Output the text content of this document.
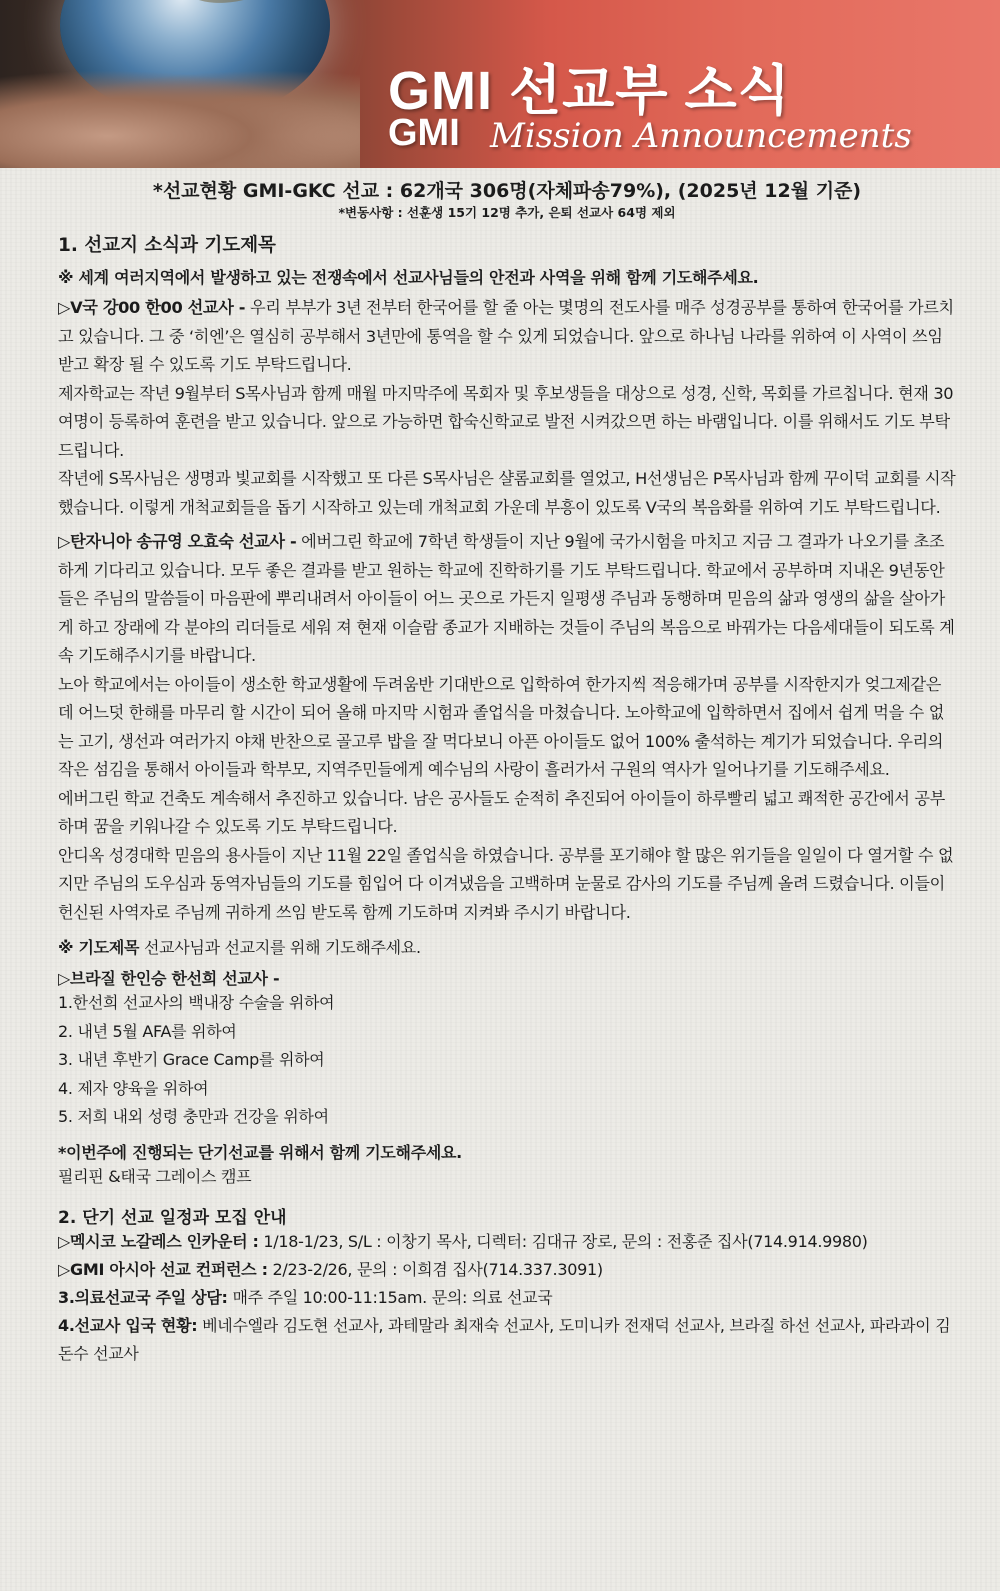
GMI 선교부 소식
GMI Mission Announcements
*선교현황 GMI-GKC 선교 : 62개국 306명(자체파송79%), (2025년 12월 기준)
*변동사항 : 선훈생 15기 12명 추가, 은퇴 선교사 64명 제외
1. 선교지 소식과 기도제목
※ 세계 여러지역에서 발생하고 있는 전쟁속에서 선교사님들의 안전과 사역을 위해 함께 기도해주세요.

▷V국 강00 한00 선교사 - 우리 부부가 3년 전부터 한국어를 할 줄 아는 몇명의 전도사를 매주 성경공부를 통하여 한국어를 가르치고 있습니다. 그 중 ‘히엔’은 열심히 공부해서 3년만에 통역을 할 수 있게 되었습니다. 앞으로 하나님 나라를 위하여 이 사역이 쓰임받고 확장 될 수 있도록 기도 부탁드립니다.

제자학교는 작년 9월부터 S목사님과 함께 매월 마지막주에 목회자 및 후보생들을 대상으로 성경, 신학, 목회를 가르칩니다. 현재 30여명이 등록하여 훈련을 받고 있습니다. 앞으로 가능하면 합숙신학교로 발전 시켜갔으면 하는 바램입니다. 이를 위해서도 기도 부탁드립니다.

작년에 S목사님은 생명과 빛교회를 시작했고 또 다른 S목사님은 샬롬교회를 열었고, H선생님은 P목사님과 함께 꾸이덕 교회를 시작했습니다. 이렇게 개척교회들을 돕기 시작하고 있는데 개척교회 가운데 부흥이 있도록 V국의 복음화를 위하여 기도 부탁드립니다.

▷탄자니아 송규영 오효숙 선교사 - 에버그린 학교에 7학년 학생들이 지난 9월에 국가시험을 마치고 지금 그 결과가 나오기를 초조하게 기다리고 있습니다. 모두 좋은 결과를 받고 원하는 학교에 진학하기를 기도 부탁드립니다. 학교에서 공부하며 지내온 9년동안 들은 주님의 말씀들이 마음판에 뿌리내려서 아이들이 어느 곳으로 가든지 일평생 주님과 동행하며 믿음의 삶과 영생의 삶을 살아가게 하고 장래에 각 분야의 리더들로 세워 져 현재 이슬람 종교가 지배하는 것들이 주님의 복음으로 바꿔가는 다음세대들이 되도록 계속 기도해주시기를 바랍니다.

노아 학교에서는 아이들이 생소한 학교생활에 두려움반 기대반으로 입학하여 한가지씩 적응해가며 공부를 시작한지가 엊그제같은데 어느덧 한해를 마무리 할 시간이 되어 올해 마지막 시험과 졸업식을 마쳤습니다. 노아학교에 입학하면서 집에서 쉽게 먹을 수 없는 고기, 생선과 여러가지 야채 반찬으로 골고루 밥을 잘 먹다보니 아픈 아이들도 없어 100% 출석하는 계기가 되었습니다. 우리의 작은 섬김을 통해서 아이들과 학부모, 지역주민들에게 예수님의 사랑이 흘러가서 구원의 역사가 일어나기를 기도해주세요.

에버그린 학교 건축도 계속해서 추진하고 있습니다. 남은 공사들도 순적히 추진되어 아이들이 하루빨리 넓고 쾌적한 공간에서 공부하며 꿈을 키워나갈 수 있도록 기도 부탁드립니다.

안디옥 성경대학 믿음의 용사들이 지난 11월 22일 졸업식을 하였습니다. 공부를 포기해야 할 많은 위기들을 일일이 다 열거할 수 없지만 주님의 도우심과 동역자님들의 기도를 힘입어 다 이겨냈음을 고백하며 눈물로 감사의 기도를 주님께 올려 드렸습니다. 이들이 헌신된 사역자로 주님께 귀하게 쓰임 받도록 함께 기도하며 지켜봐 주시기 바랍니다.

※ 기도제목 선교사님과 선교지를 위해 기도해주세요.
▷브라질 한인승 한선희 선교사 -

1.한선희 선교사의 백내장 수술을 위하여

2. 내년 5월 AFA를 위하여

3. 내년 후반기 Grace Camp를 위하여

4. 제자 양육을 위하여

5. 저희 내외 성령 충만과 건강을 위하여

*이번주에 진행되는 단기선교를 위해서 함께 기도해주세요.

필리핀 &태국 그레이스 캠프

2. 단기 선교 일정과 모집 안내

▷멕시코 노갈레스 인카운터 : 1/18-1/23, S/L : 이창기 목사, 디렉터: 김대규 장로, 문의 : 전홍준 집사(714.914.9980)

▷GMI 아시아 선교 컨퍼런스 : 2/23-2/26, 문의 : 이희겸 집사(714.337.3091)

3.의료선교국 주일 상담: 매주 주일 10:00-11:15am. 문의: 의료 선교국

4.선교사 입국 현황: 베네수엘라 김도현 선교사, 과테말라 최재숙 선교사, 도미니카 전재덕 선교사, 브라질 하선 선교사, 파라과이 김돈수 선교사
